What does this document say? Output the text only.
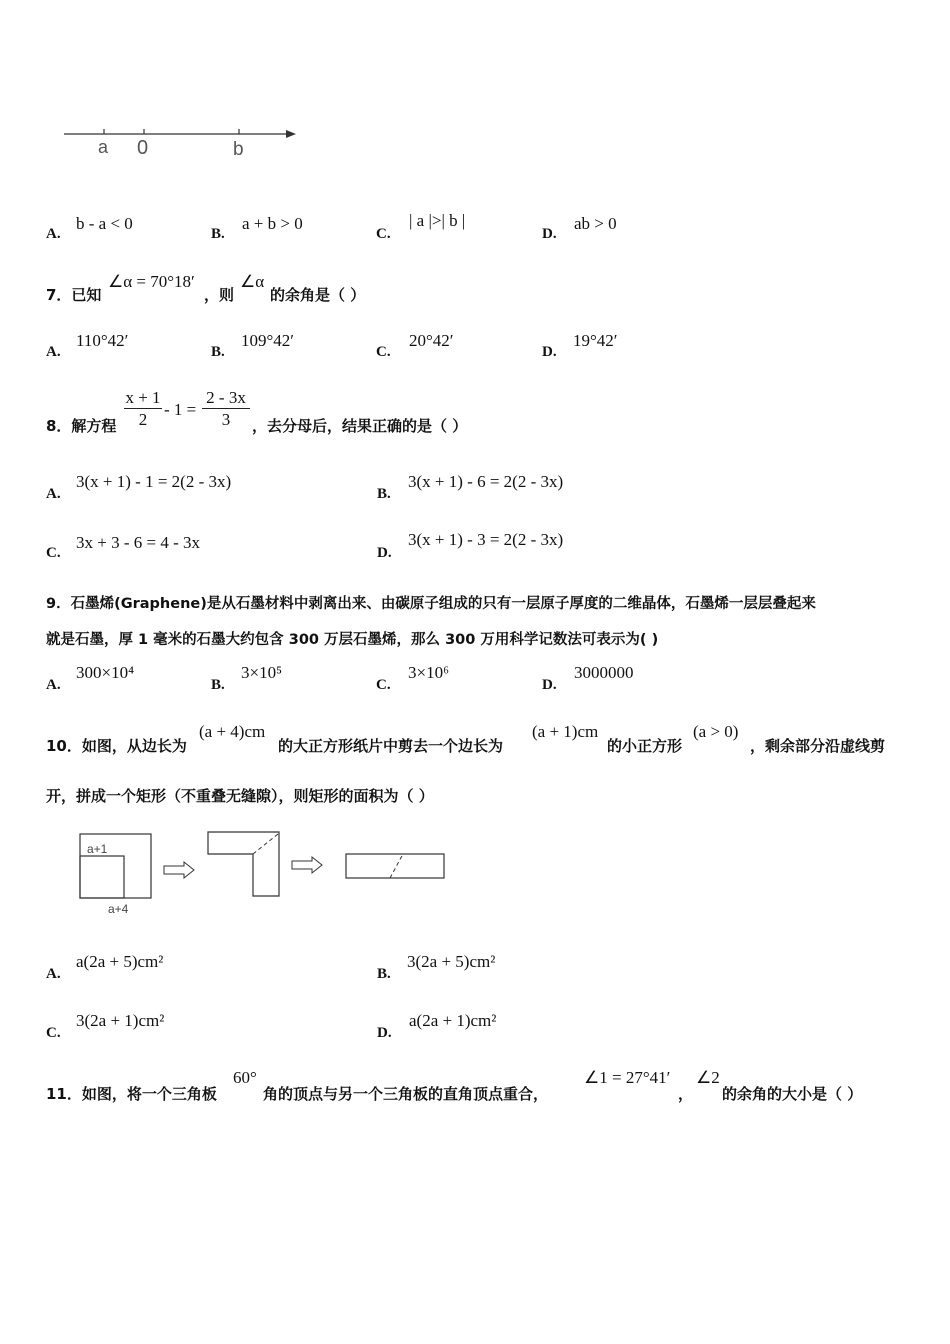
a 0	b
A.
b - a < 0
B.
a + b > 0
C.
| a |>| b |
D.
ab > 0
7．已知
∠α = 70°18′
，则
∠α
的余角是（ ）
A.
110°42′
B.
109°42′
C.
20°42′
D.
19°42′
8．解方程 $\frac{x + 1}{2} - 1 = \frac{2 - 3x}{3}$ ，去分母后，结果正确的是（ ）
A.
3(x + 1) - 1 = 2(2 - 3x)
B.
3(x + 1) - 6 = 2(2 - 3x)
C.
3x + 3 - 6 = 4 - 3x
D.
3(x + 1) - 3 = 2(2 - 3x)
9．石墨烯(Graphene)是从石墨材料中剥离出来、由碳原子组成的只有一层原子厚度的二维晶体，石墨烯一层层叠起来
就是石墨，厚 1 毫米的石墨大约包含 300 万层石墨烯，那么 300 万用科学记数法可表示为( )
A.
300×10⁴
B.
3×10⁵
C.
3×10⁶
D.
3000000
10．如图，从边长为
(a + 4)cm
的大正方形纸片中剪去一个边长为
(a + 1)cm
的小正方形
(a > 0)
，剩余部分沿虚线剪
开，拼成一个矩形（不重叠无缝隙），则矩形的面积为（ ）
a+1
a+4
A.
a(2a + 5)cm²
B.
3(2a + 5)cm²
C.
3(2a + 1)cm²
D.
a(2a + 1)cm²
11．如图，将一个三角板
60°
角的顶点与另一个三角板的直角顶点重合，
∠1 = 27°41′
，
∠2
的余角的大小是（ ）
